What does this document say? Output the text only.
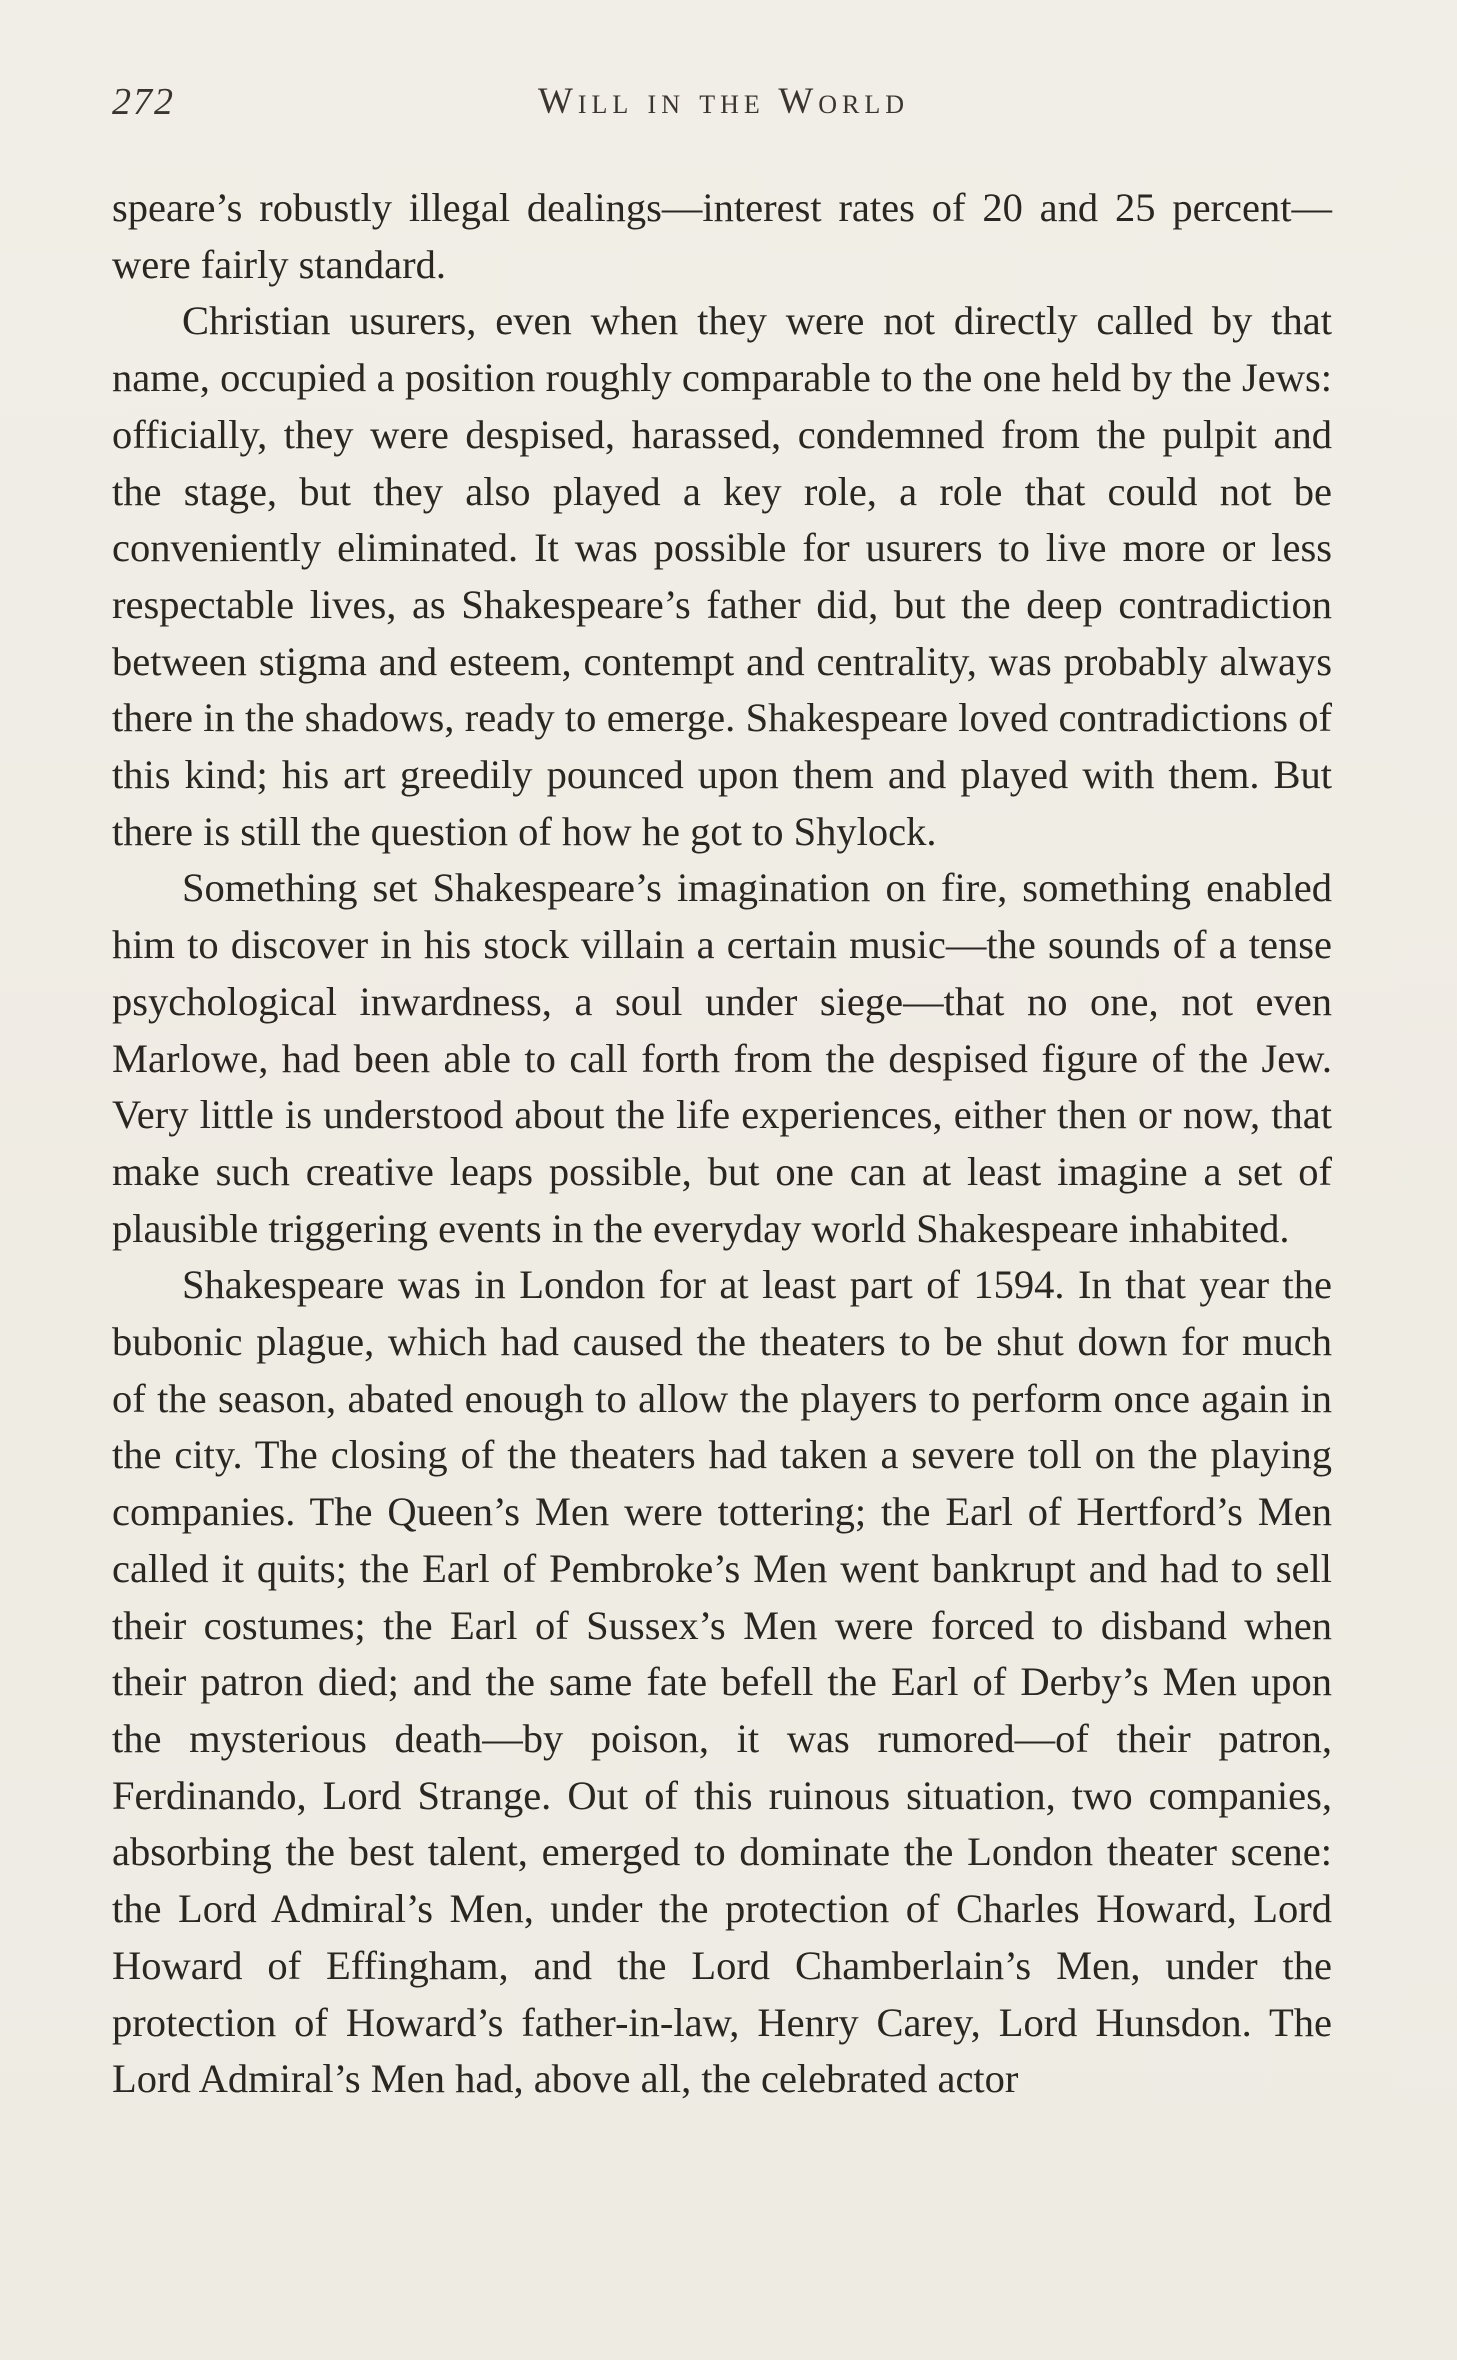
272	Will in the World

speare’s robustly illegal dealings—interest rates of 20 and 25 percent—were fairly standard.

Christian usurers, even when they were not directly called by that name, occupied a position roughly comparable to the one held by the Jews: officially, they were despised, harassed, condemned from the pulpit and the stage, but they also played a key role, a role that could not be conveniently eliminated. It was possible for usurers to live more or less respectable lives, as Shakespeare’s father did, but the deep contradiction between stigma and esteem, contempt and centrality, was probably always there in the shadows, ready to emerge. Shakespeare loved contradictions of this kind; his art greedily pounced upon them and played with them. But there is still the question of how he got to Shylock.

Something set Shakespeare’s imagination on fire, something enabled him to discover in his stock villain a certain music—the sounds of a tense psychological inwardness, a soul under siege—that no one, not even Marlowe, had been able to call forth from the despised figure of the Jew. Very little is understood about the life experiences, either then or now, that make such creative leaps possible, but one can at least imagine a set of plausible triggering events in the everyday world Shakespeare inhabited.

Shakespeare was in London for at least part of 1594. In that year the bubonic plague, which had caused the theaters to be shut down for much of the season, abated enough to allow the players to perform once again in the city. The closing of the theaters had taken a severe toll on the playing companies. The Queen’s Men were tottering; the Earl of Hertford’s Men called it quits; the Earl of Pembroke’s Men went bankrupt and had to sell their costumes; the Earl of Sussex’s Men were forced to disband when their patron died; and the same fate befell the Earl of Derby’s Men upon the mysterious death—by poison, it was rumored—of their patron, Ferdinando, Lord Strange. Out of this ruinous situation, two companies, absorbing the best talent, emerged to dominate the London theater scene: the Lord Admiral’s Men, under the protection of Charles Howard, Lord Howard of Effingham, and the Lord Chamberlain’s Men, under the protection of Howard’s father-in-law, Henry Carey, Lord Hunsdon. The Lord Admiral’s Men had, above all, the celebrated actor
